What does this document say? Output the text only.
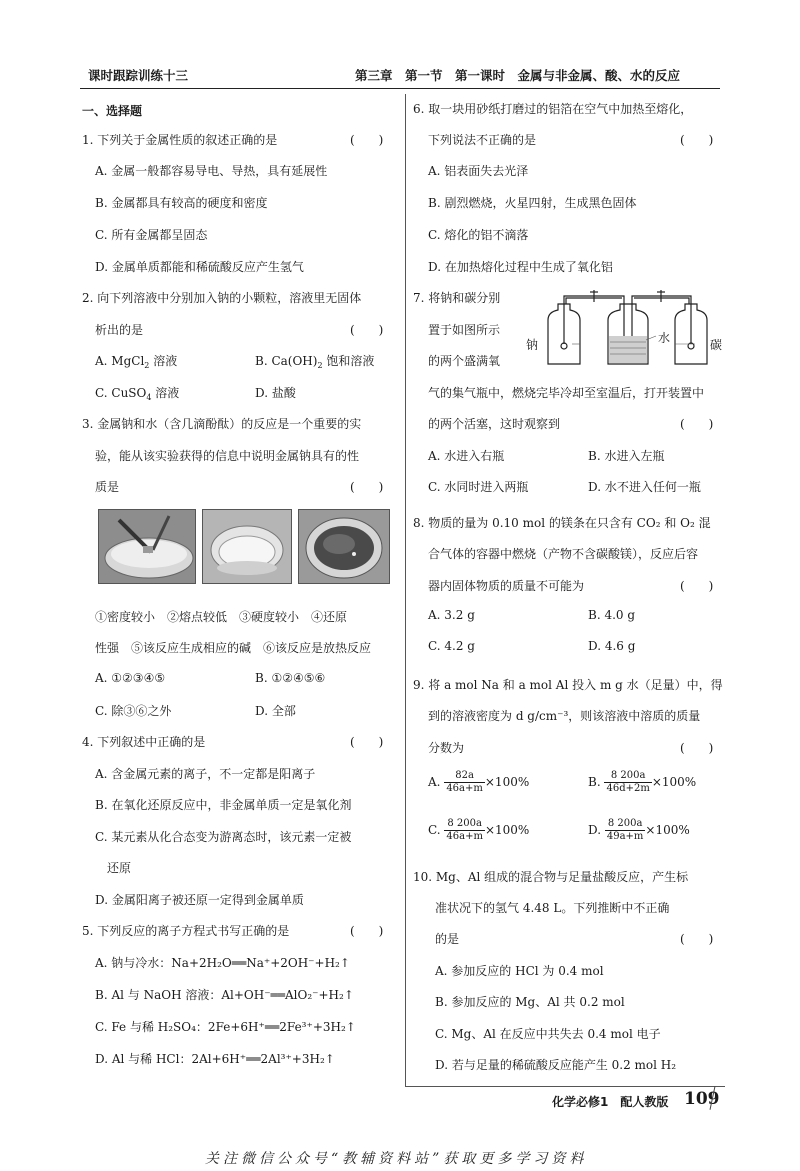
课时跟踪训练十三	第三章　第一节　第一课时　金属与非金属、酸、水的反应
一、选择题
1. 下列关于金属性质的叙述正确的是	(　　)
A. 金属一般都容易导电、导热，具有延展性
B. 金属都具有较高的硬度和密度
C. 所有金属都呈固态
D. 金属单质都能和稀硫酸反应产生氢气
2. 向下列溶液中分别加入钠的小颗粒，溶液里无固体
析出的是	(　　)
A. MgCl$_2$ 溶液	B. $Ca(OH)_2$ 饱和溶液
C. CuSO$_4$ 溶液	D. 盐酸
3. 金属钠和水（含几滴酚酞）的反应是一个重要的实
验，能从该实验获得的信息中说明金属钠具有的性
质是	(　　)
①密度较小　②熔点较低　③硬度较小　④还原
性强　⑤该反应生成相应的碱　⑥该反应是放热反应
A. ①②③④⑤	B. ①②④⑤⑥
C. 除③⑥之外	D. 全部
4. 下列叙述中正确的是	(　　)
A. 含金属元素的离子，不一定都是阳离子
B. 在氧化还原反应中，非金属单质一定是氧化剂
C. 某元素从化合态变为游离态时，该元素一定被
还原
D. 金属阳离子被还原一定得到金属单质
5. 下列反应的离子方程式书写正确的是	(　　)
A. 钠与冷水：Na+2H₂O══Na⁺+2OH⁻+H₂↑
B. Al 与 NaOH 溶液：Al+OH⁻══AlO₂⁻+H₂↑
C. Fe 与稀 H₂SO₄：2Fe+6H⁺══2Fe³⁺+3H₂↑
D. Al 与稀 HCl：2Al+6H⁺══2Al³⁺+3H₂↑
6. 取一块用砂纸打磨过的铝箔在空气中加热至熔化，
下列说法不正确的是	(　　)
A. 铝表面失去光泽
B. 剧烈燃烧，火星四射，生成黑色固体
C. 熔化的铝不滴落
D. 在加热熔化过程中生成了氧化铝
7. 将钠和碳分别
置于如图所示
的两个盛满氧
钠	水	碳
气的集气瓶中，燃烧完毕冷却至室温后，打开装置中
的两个活塞，这时观察到	(　　)
A. 水进入右瓶	B. 水进入左瓶
C. 水同时进入两瓶	D. 水不进入任何一瓶
8. 物质的量为 0.10 mol 的镁条在只含有 CO₂ 和 O₂ 混
合气体的容器中燃烧（产物不含碳酸镁），反应后容
器内固体物质的质量不可能为	(　　)
A. 3.2 g	B. 4.0 g
C. 4.2 g	D. 4.6 g
9. 将 a mol Na 和 a mol Al 投入 m g 水（足量）中，得
到的溶液密度为 d g/cm⁻³，则该溶液中溶质的质量
分数为	(　　)
A. $\frac{82a}{46a+m} \times 100\%$	B. $\frac{8 200a}{46d+2m} \times 100\%$
C. $\frac{8 200a}{46a+m} \times 100\%$	D. $\frac{8 200a}{49a+m} \times 100\%$
10. Mg、Al 组成的混合物与足量盐酸反应，产生标
准状况下的氢气 4.48 L。下列推断中不正确
的是	(　　)
A. 参加反应的 HCl 为 0.4 mol
B. 参加反应的 Mg、Al 共 0.2 mol
C. Mg、Al 在反应中共失去 0.4 mol 电子
D. 若与足量的稀硫酸反应能产生 0.2 mol H₂
化学必修1　配人教版 109
关注微信公众号“教辅资料站”获取更多学习资料
